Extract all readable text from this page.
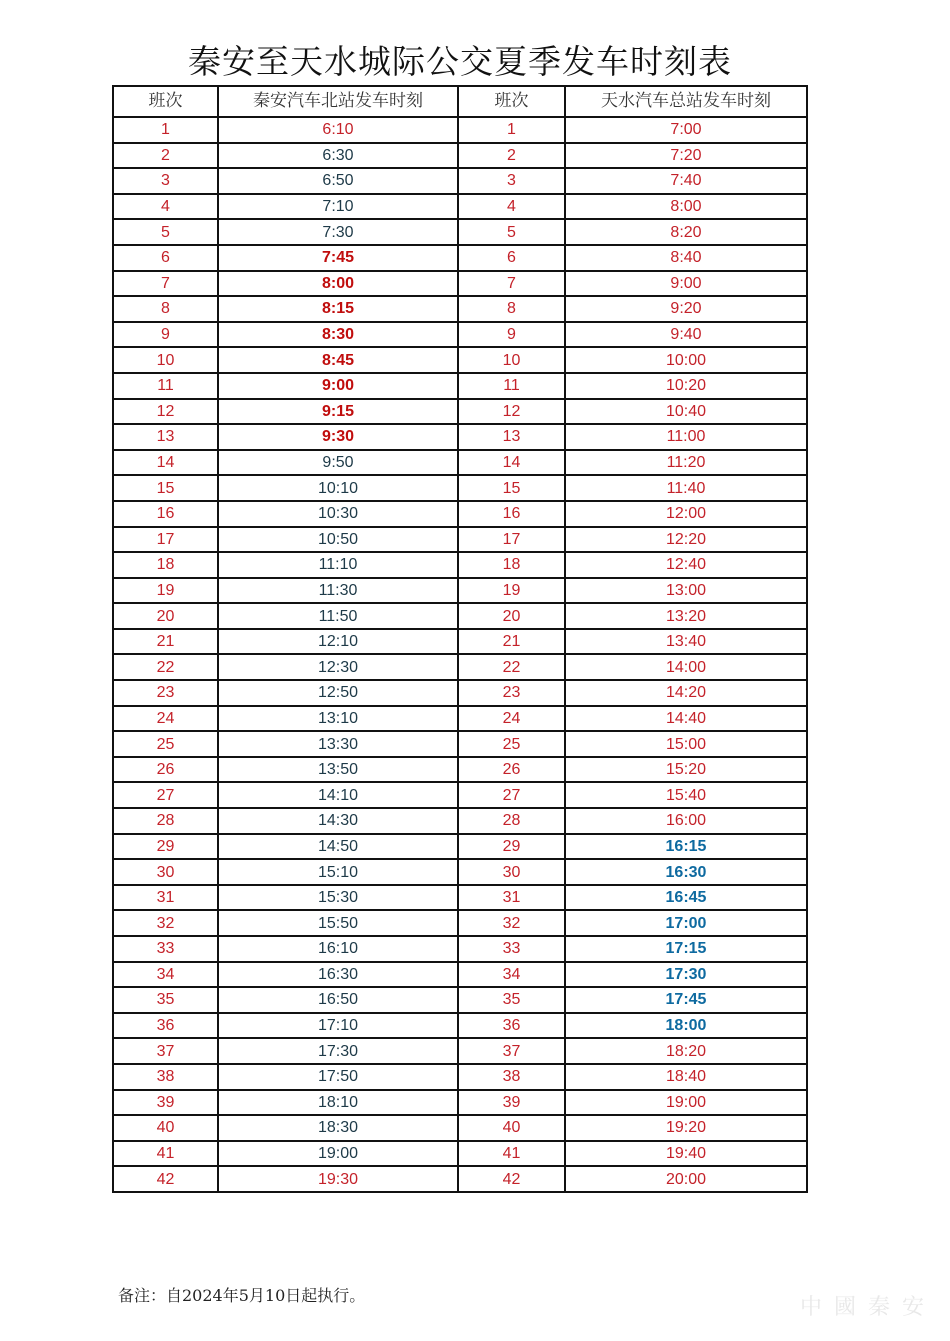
秦安至天水城际公交夏季发车时刻表
班次	秦安汽车北站发车时刻	班次	天水汽车总站发车时刻
1	6:10	1	7:00
2	6:30	2	7:20
3	6:50	3	7:40
4	7:10	4	8:00
5	7:30	5	8:20
6	7:45	6	8:40
7	8:00	7	9:00
8	8:15	8	9:20
9	8:30	9	9:40
10	8:45	10	10:00
11	9:00	11	10:20
12	9:15	12	10:40
13	9:30	13	11:00
14	9:50	14	11:20
15	10:10	15	11:40
16	10:30	16	12:00
17	10:50	17	12:20
18	11:10	18	12:40
19	11:30	19	13:00
20	11:50	20	13:20
21	12:10	21	13:40
22	12:30	22	14:00
23	12:50	23	14:20
24	13:10	24	14:40
25	13:30	25	15:00
26	13:50	26	15:20
27	14:10	27	15:40
28	14:30	28	16:00
29	14:50	29	16:15
30	15:10	30	16:30
31	15:30	31	16:45
32	15:50	32	17:00
33	16:10	33	17:15
34	16:30	34	17:30
35	16:50	35	17:45
36	17:10	36	18:00
37	17:30	37	18:20
38	17:50	38	18:40
39	18:10	39	19:00
40	18:30	40	19:20
41	19:00	41	19:40
42	19:30	42	20:00
备注：自2024年5月10日起执行。	中國秦安
